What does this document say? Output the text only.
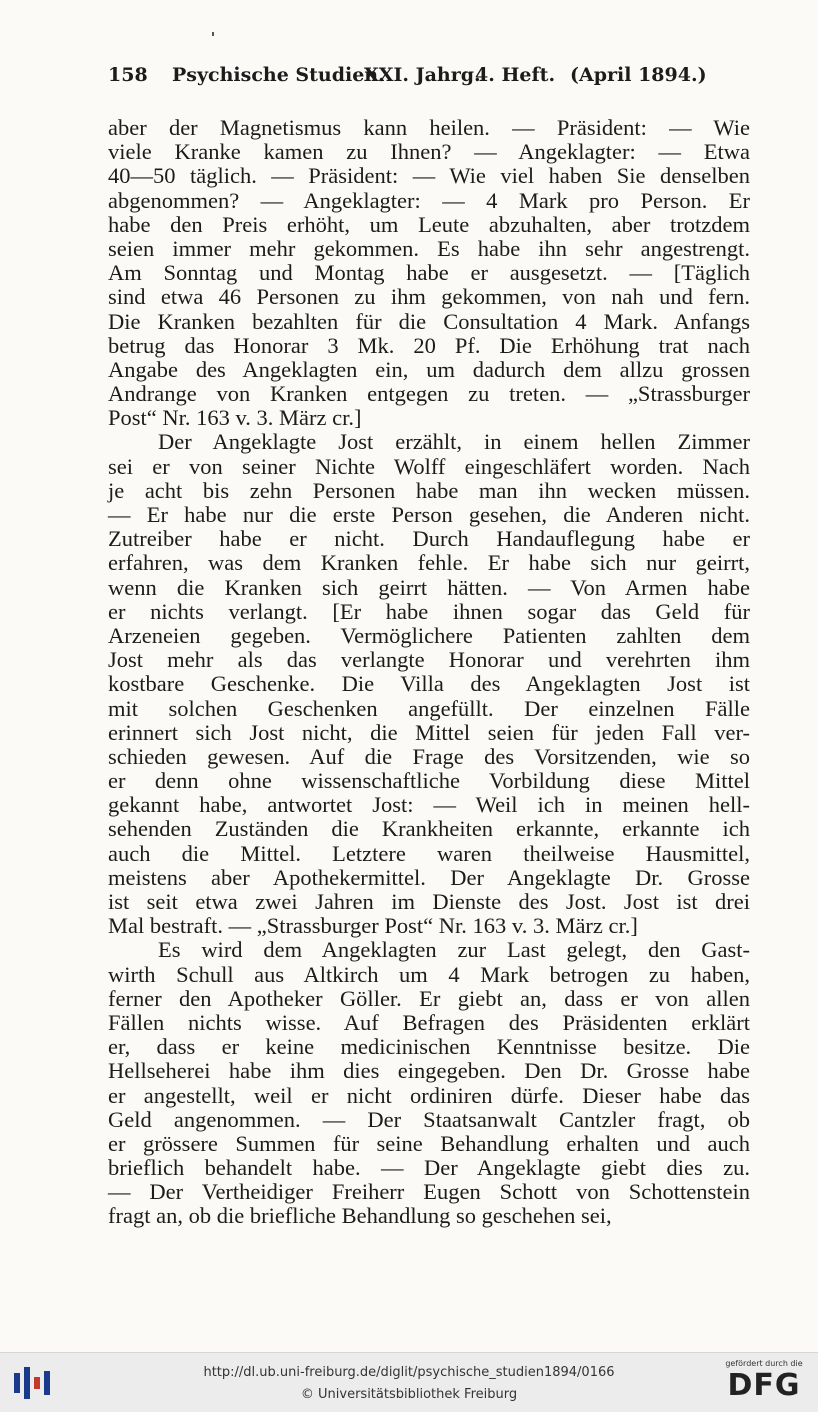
158 Psychische Studien.
XXI. Jahrg.
4. Heft. (April 1894.)
aber der Magnetismus kann heilen. — Präsident: — Wie
viele Kranke kamen zu Ihnen? — Angeklagter: — Etwa
40—50 täglich. — Präsident: — Wie viel haben Sie denselben
abgenommen? — Angeklagter: — 4 Mark pro Person. Er
habe den Preis erhöht, um Leute abzuhalten, aber trotzdem
seien immer mehr gekommen. Es habe ihn sehr angestrengt.
Am Sonntag und Montag habe er ausgesetzt. — [Täglich
sind etwa 46 Personen zu ihm gekommen, von nah und fern.
Die Kranken bezahlten für die Consultation 4 Mark. Anfangs
betrug das Honorar 3 Mk. 20 Pf. Die Erhöhung trat nach
Angabe des Angeklagten ein, um dadurch dem allzu grossen
Andrange von Kranken entgegen zu treten. — „Strassburger
Post“ Nr. 163 v. 3. März cr.]
Der Angeklagte Jost erzählt, in einem hellen Zimmer
sei er von seiner Nichte Wolff eingeschläfert worden. Nach
je acht bis zehn Personen habe man ihn wecken müssen.
— Er habe nur die erste Person gesehen, die Anderen nicht.
Zutreiber habe er nicht. Durch Handauflegung habe er
erfahren, was dem Kranken fehle. Er habe sich nur geirrt,
wenn die Kranken sich geirrt hätten. — Von Armen habe
er nichts verlangt. [Er habe ihnen sogar das Geld für
Arzeneien gegeben. Vermöglichere Patienten zahlten dem
Jost mehr als das verlangte Honorar und verehrten ihm
kostbare Geschenke. Die Villa des Angeklagten Jost ist
mit solchen Geschenken angefüllt. Der einzelnen Fälle
erinnert sich Jost nicht, die Mittel seien für jeden Fall ver-
schieden gewesen. Auf die Frage des Vorsitzenden, wie so
er denn ohne wissenschaftliche Vorbildung diese Mittel
gekannt habe, antwortet Jost: — Weil ich in meinen hell-
sehenden Zuständen die Krankheiten erkannte, erkannte ich
auch die Mittel. Letztere waren theilweise Hausmittel,
meistens aber Apothekermittel. Der Angeklagte Dr. Grosse
ist seit etwa zwei Jahren im Dienste des Jost. Jost ist drei
Mal bestraft. — „Strassburger Post“ Nr. 163 v. 3. März cr.]
Es wird dem Angeklagten zur Last gelegt, den Gast-
wirth Schull aus Altkirch um 4 Mark betrogen zu haben,
ferner den Apotheker Göller. Er giebt an, dass er von allen
Fällen nichts wisse. Auf Befragen des Präsidenten erklärt
er, dass er keine medicinischen Kenntnisse besitze. Die
Hellseherei habe ihm dies eingegeben. Den Dr. Grosse habe
er angestellt, weil er nicht ordiniren dürfe. Dieser habe das
Geld angenommen. — Der Staatsanwalt Cantzler fragt, ob
er grössere Summen für seine Behandlung erhalten und auch
brieflich behandelt habe. — Der Angeklagte giebt dies zu.
— Der Vertheidiger Freiherr Eugen Schott von Schottenstein
fragt an, ob die briefliche Behandlung so geschehen sei,
http://dl.ub.uni-freiburg.de/diglit/psychische_studien1894/0166
© Universitätsbibliothek Freiburg
gefördert durch die
DFG
